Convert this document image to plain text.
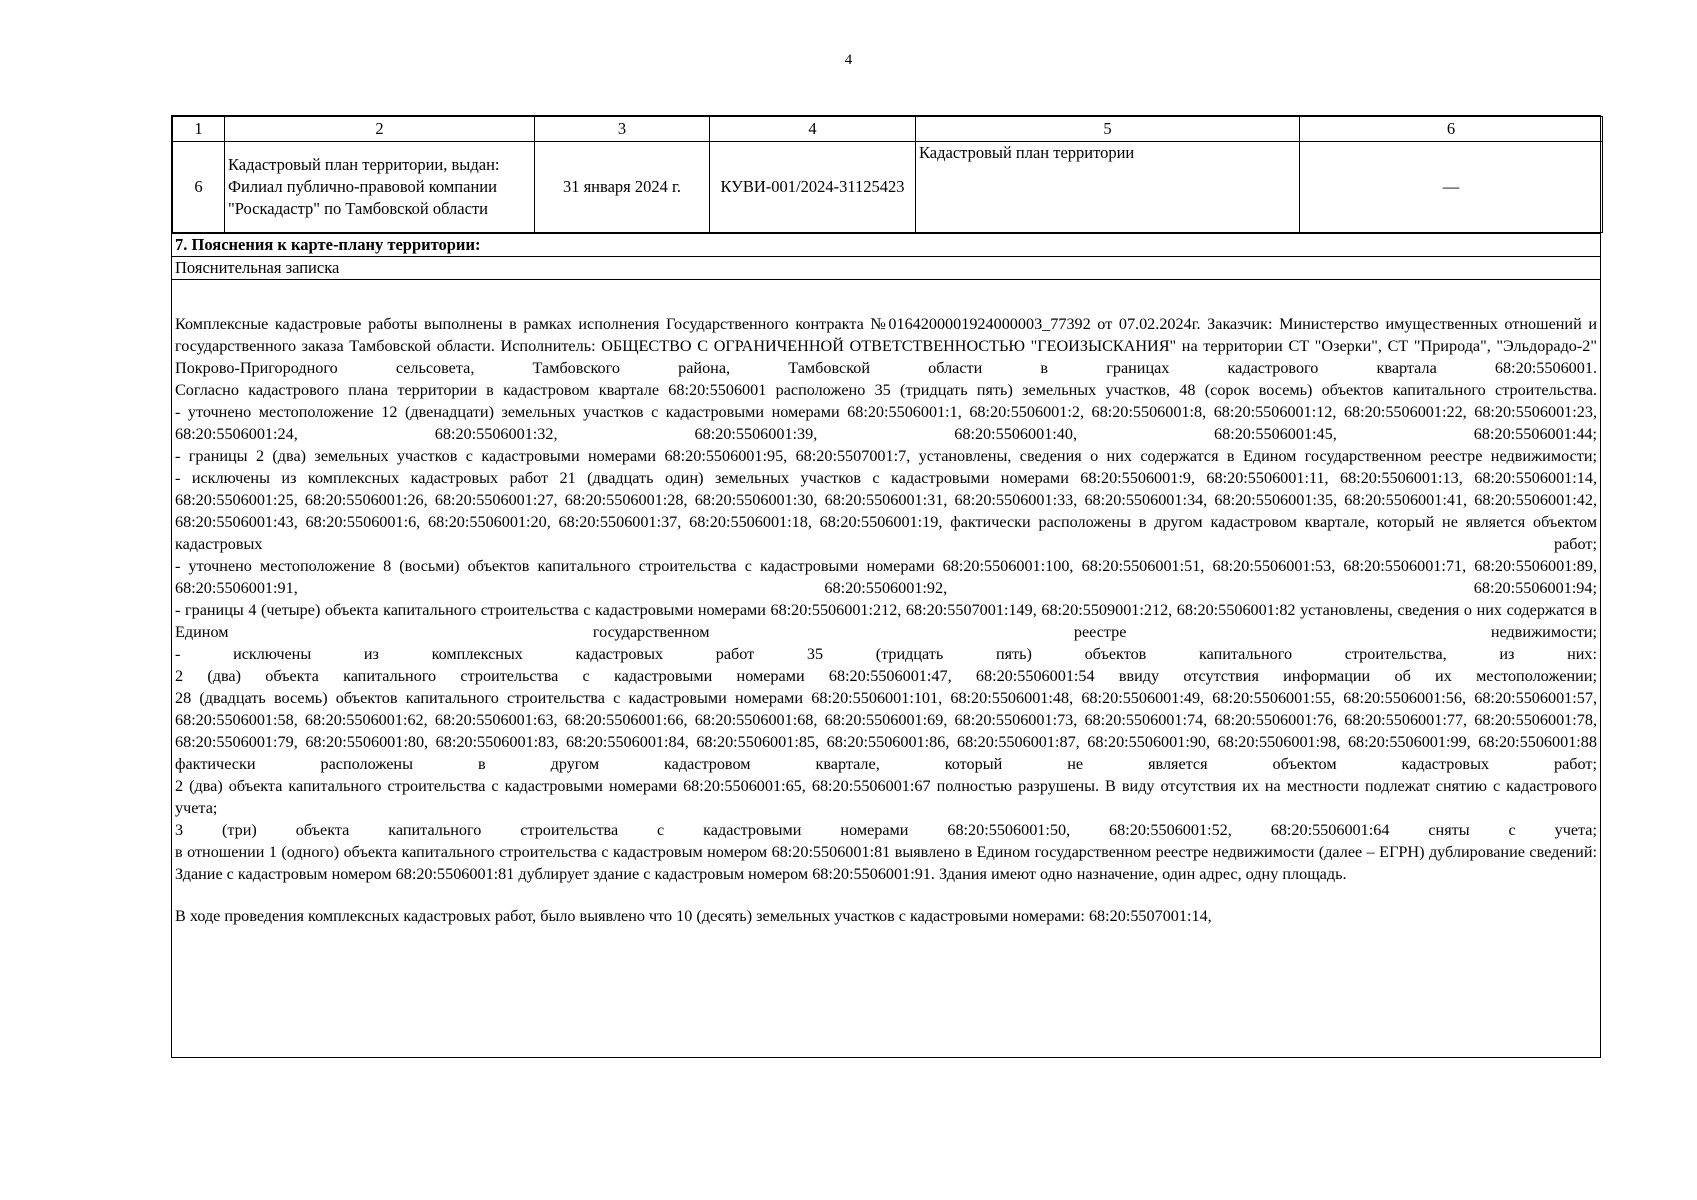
4
1	2	3	4	5	6
6	Кадастровый план территории, выдан: Филиал публично-правовой компании "Роскадастр" по Тамбовской области	31 января 2024 г.	КУВИ-001/2024-31125423	Кадастровый план территории	—
7. Пояснения к карте-плану территории:
Пояснительная записка

Комплексные кадастровые работы выполнены в рамках исполнения Государственного контракта №0164200001924000003_77392 от 07.02.2024г. Заказчик: Министерство имущественных отношений и государственного заказа Тамбовской области. Исполнитель: ОБЩЕСТВО С ОГРАНИЧЕННОЙ ОТВЕТСТВЕННОСТЬЮ "ГЕОИЗЫСКАНИЯ" на территории СТ "Озерки", СТ "Природа", "Эльдорадо-2" Покрово-Пригородного сельсовета, Тамбовского района, Тамбовской области в границах кадастрового квартала 68:20:5506001.

Согласно кадастрового плана территории в кадастровом квартале 68:20:5506001 расположено 35 (тридцать пять) земельных участков, 48 (сорок восемь) объектов капитального строительства.

- уточнено местоположение 12 (двенадцати) земельных участков с кадастровыми номерами 68:20:5506001:1, 68:20:5506001:2, 68:20:5506001:8, 68:20:5506001:12, 68:20:5506001:22, 68:20:5506001:23, 68:20:5506001:24, 68:20:5506001:32, 68:20:5506001:39, 68:20:5506001:40, 68:20:5506001:45, 68:20:5506001:44;

- границы 2 (два) земельных участков с кадастровыми номерами 68:20:5506001:95, 68:20:5507001:7, установлены, сведения о них содержатся в Едином государственном реестре недвижимости;

- исключены из комплексных кадастровых работ 21 (двадцать один) земельных участков с кадастровыми номерами 68:20:5506001:9, 68:20:5506001:11, 68:20:5506001:13, 68:20:5506001:14, 68:20:5506001:25, 68:20:5506001:26, 68:20:5506001:27, 68:20:5506001:28, 68:20:5506001:30, 68:20:5506001:31, 68:20:5506001:33, 68:20:5506001:34, 68:20:5506001:35, 68:20:5506001:41, 68:20:5506001:42, 68:20:5506001:43, 68:20:5506001:6, 68:20:5506001:20, 68:20:5506001:37, 68:20:5506001:18, 68:20:5506001:19, фактически расположены в другом кадастровом квартале, который не является объектом кадастровых работ;

- уточнено местоположение 8 (восьми) объектов капитального строительства с кадастровыми номерами 68:20:5506001:100, 68:20:5506001:51, 68:20:5506001:53, 68:20:5506001:71, 68:20:5506001:89, 68:20:5506001:91, 68:20:5506001:92, 68:20:5506001:94;

- границы 4 (четыре) объекта капитального строительства с кадастровыми номерами 68:20:5506001:212, 68:20:5507001:149, 68:20:5509001:212, 68:20:5506001:82 установлены, сведения о них содержатся в Едином государственном реестре недвижимости;

- исключены из комплексных кадастровых работ 35 (тридцать пять) объектов капитального строительства, из них:

2 (два) объекта капитального строительства с кадастровыми номерами 68:20:5506001:47, 68:20:5506001:54 ввиду отсутствия информации об их местоположении;

28 (двадцать восемь) объектов капитального строительства с кадастровыми номерами 68:20:5506001:101, 68:20:5506001:48, 68:20:5506001:49, 68:20:5506001:55, 68:20:5506001:56, 68:20:5506001:57, 68:20:5506001:58, 68:20:5506001:62, 68:20:5506001:63, 68:20:5506001:66, 68:20:5506001:68, 68:20:5506001:69, 68:20:5506001:73, 68:20:5506001:74, 68:20:5506001:76, 68:20:5506001:77, 68:20:5506001:78, 68:20:5506001:79, 68:20:5506001:80, 68:20:5506001:83, 68:20:5506001:84, 68:20:5506001:85, 68:20:5506001:86, 68:20:5506001:87, 68:20:5506001:90, 68:20:5506001:98, 68:20:5506001:99, 68:20:5506001:88 фактически расположены в другом кадастровом квартале, который не является объектом кадастровых работ;

2 (два) объекта капитального строительства с кадастровыми номерами 68:20:5506001:65, 68:20:5506001:67 полностью разрушены. В виду отсутствия их на местности подлежат снятию с кадастрового учета;

3 (три) объекта капитального строительства с кадастровыми номерами 68:20:5506001:50, 68:20:5506001:52, 68:20:5506001:64 сняты с учета;

в отношении 1 (одного) объекта капитального строительства с кадастровым номером 68:20:5506001:81 выявлено в Едином государственном реестре недвижимости (далее – ЕГРН) дублирование сведений:

Здание с кадастровым номером 68:20:5506001:81 дублирует здание с кадастровым номером 68:20:5506001:91. Здания имеют одно назначение, один адрес, одну площадь.

В ходе проведения комплексных кадастровых работ, было выявлено что 10 (десять) земельных участков с кадастровыми номерами: 68:20:5507001:14,
